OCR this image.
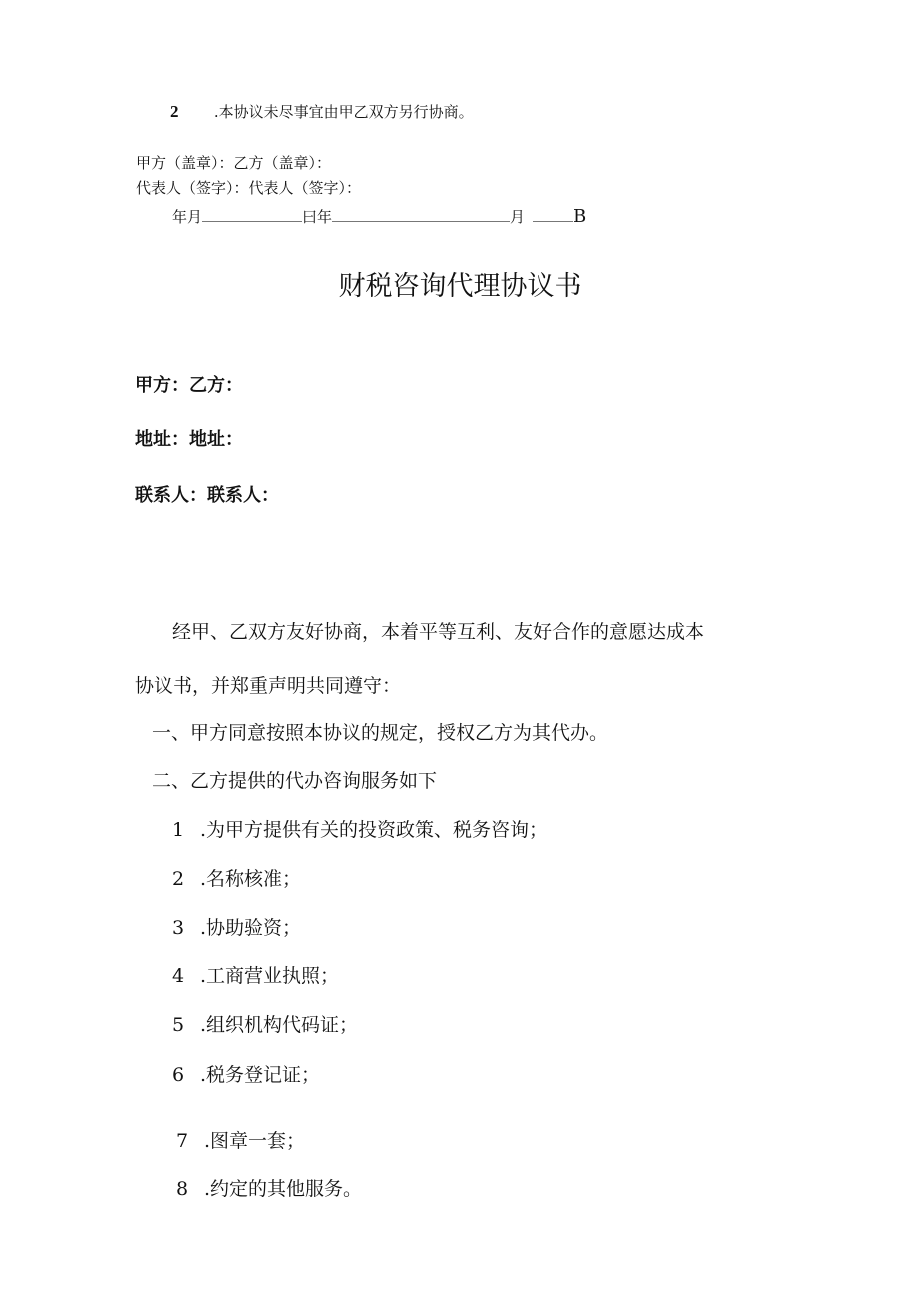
2 .本协议未尽事宜由甲乙双方另行协商。
甲方（盖章）：乙方（盖章）：
代表人（签字）：代表人（签字）：
年月	曰年	月	B
财税咨询代理协议书
甲方：乙方：
地址：地址：
联系人：联系人：
经甲、乙双方友好协商，本着平等互利、友好合作的意愿达成本
协议书，并郑重声明共同遵守：
一、甲方同意按照本协议的规定，授权乙方为其代办。
二、乙方提供的代办咨询服务如下
1 .为甲方提供有关的投资政策、税务咨询；
2 .名称核准；
3 .协助验资；
4 .工商营业执照；
5 .组织机构代码证；
6 .税务登记证；
7 .图章一套；
8 .约定的其他服务。
